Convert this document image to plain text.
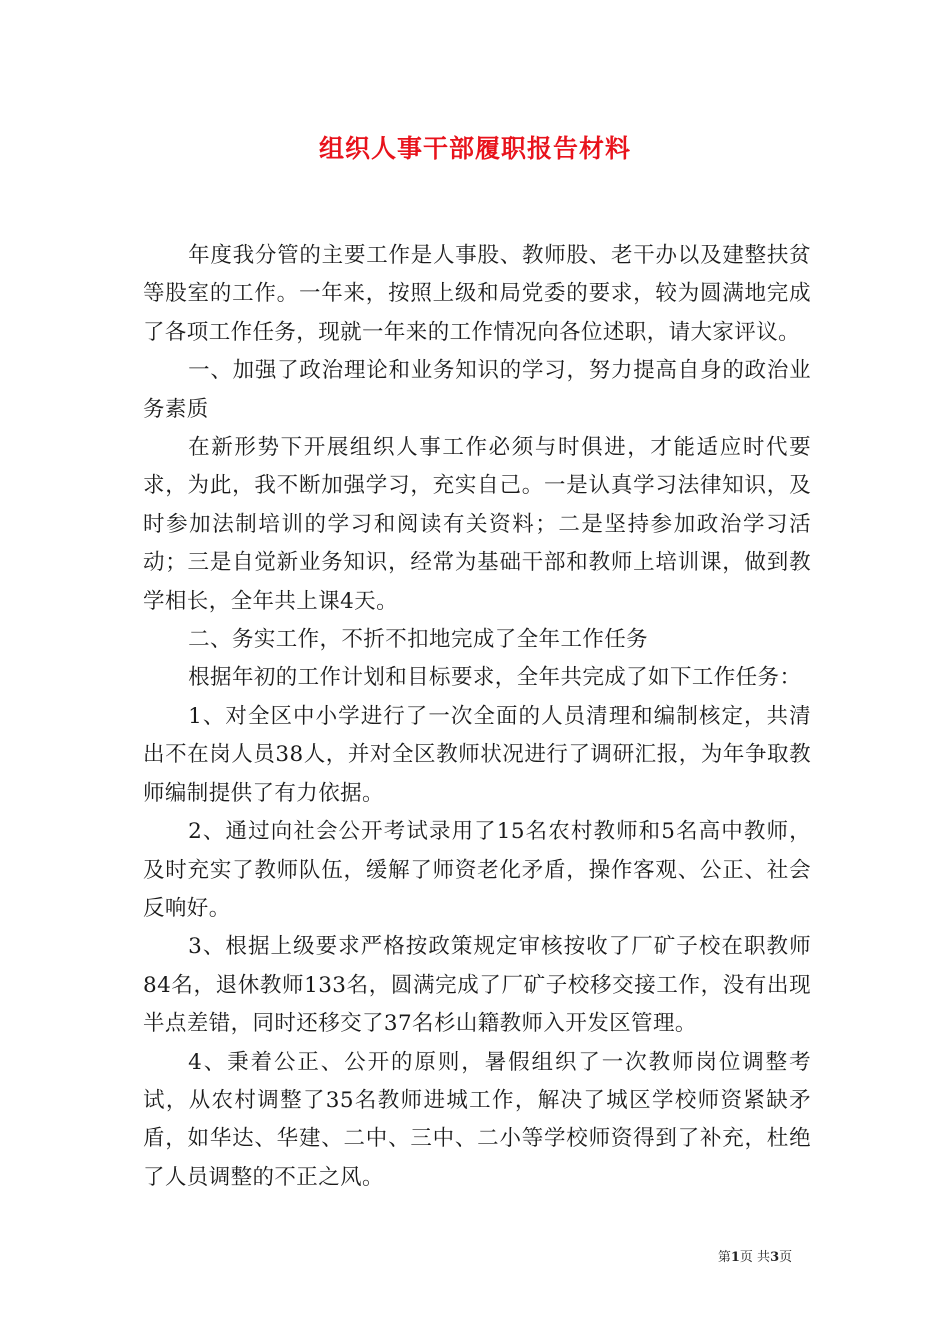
组织人事干部履职报告材料

年度我分管的主要工作是人事股、教师股、老干办以及建整扶贫等股室的工作。一年来，按照上级和局党委的要求，较为圆满地完成了各项工作任务，现就一年来的工作情况向各位述职，请大家评议。

一、加强了政治理论和业务知识的学习，努力提高自身的政治业务素质

在新形势下开展组织人事工作必须与时俱进，才能适应时代要求，为此，我不断加强学习，充实自己。一是认真学习法律知识，及时参加法制培训的学习和阅读有关资料；二是坚持参加政治学习活动；三是自觉新业务知识，经常为基础干部和教师上培训课，做到教学相长，全年共上课4天。

二、务实工作，不折不扣地完成了全年工作任务

根据年初的工作计划和目标要求，全年共完成了如下工作任务：

1、对全区中小学进行了一次全面的人员清理和编制核定，共清出不在岗人员38人，并对全区教师状况进行了调研汇报，为年争取教师编制提供了有力依据。

2、通过向社会公开考试录用了15名农村教师和5名高中教师，及时充实了教师队伍，缓解了师资老化矛盾，操作客观、公正、社会反响好。

3、根据上级要求严格按政策规定审核按收了厂矿子校在职教师84名，退休教师133名，圆满完成了厂矿子校移交接工作，没有出现半点差错，同时还移交了37名杉山籍教师入开发区管理。

4、秉着公正、公开的原则，暑假组织了一次教师岗位调整考试，从农村调整了35名教师进城工作，解决了城区学校师资紧缺矛盾，如华达、华建、二中、三中、二小等学校师资得到了补充，杜绝了人员调整的不正之风。

第1页 共3页
